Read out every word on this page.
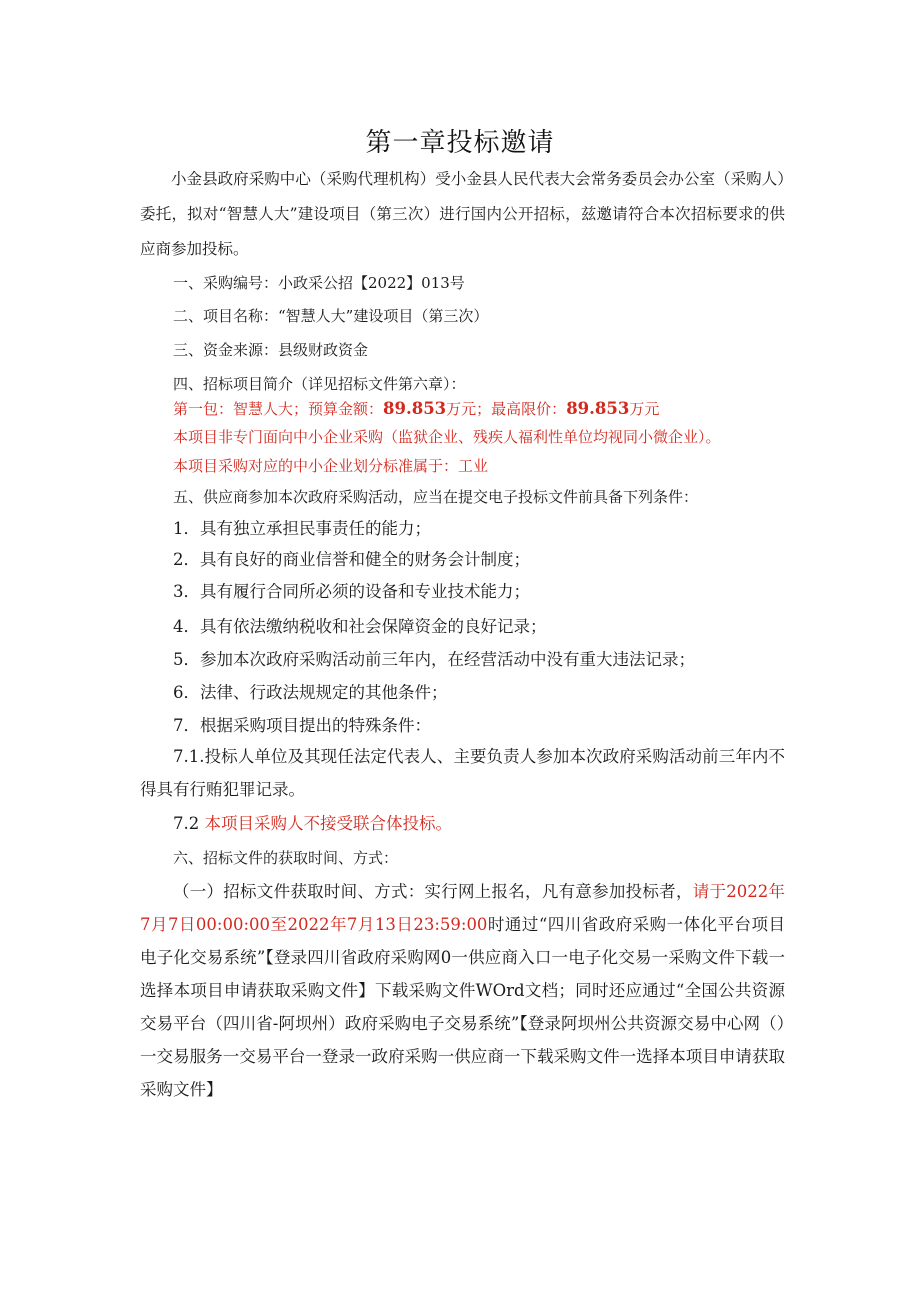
第一章投标邀请
小金县政府采购中心（采购代理机构）受小金县人民代表大会常务委员会办公室（采购人）委托，拟对“智慧人大”建设项目（第三次）进行国内公开招标，兹邀请符合本次招标要求的供应商参加投标。
一、采购编号：小政采公招【2022】013号
二、项目名称：“智慧人大”建设项目（第三次）
三、资金来源：县级财政资金
四、招标项目简介（详见招标文件第六章）：
第一包：智慧人大；预算金额：89.853万元；最高限价：89.853万元
本项目非专门面向中小企业采购（监狱企业、残疾人福利性单位均视同小微企业）。
本项目采购对应的中小企业划分标准属于：工业
五、供应商参加本次政府采购活动，应当在提交电子投标文件前具备下列条件：
1．具有独立承担民事责任的能力；
2．具有良好的商业信誉和健全的财务会计制度；
3．具有履行合同所必须的设备和专业技术能力；
4．具有依法缴纳税收和社会保障资金的良好记录；
5．参加本次政府采购活动前三年内，在经营活动中没有重大违法记录；
6．法律、行政法规规定的其他条件；
7．根据采购项目提出的特殊条件：
7.1.投标人单位及其现任法定代表人、主要负责人参加本次政府采购活动前三年内不得具有行贿犯罪记录。
7.2 本项目采购人不接受联合体投标。
六、招标文件的获取时间、方式：
（一）招标文件获取时间、方式：实行网上报名，凡有意参加投标者，请于2022年7月7日00:00:00至2022年7月13日23:59:00时通过“四川省政府采购一体化平台项目电子化交易系统”【登录四川省政府采购网0一供应商入口一电子化交易一采购文件下载一选择本项目申请获取采购文件】下载采购文件WOrd文档；同时还应通过“全国公共资源交易平台（四川省-阿坝州）政府采购电子交易系统”【登录阿坝州公共资源交易中心网（）一交易服务一交易平台一登录一政府采购一供应商一下载采购文件一选择本项目申请获取采购文件】
